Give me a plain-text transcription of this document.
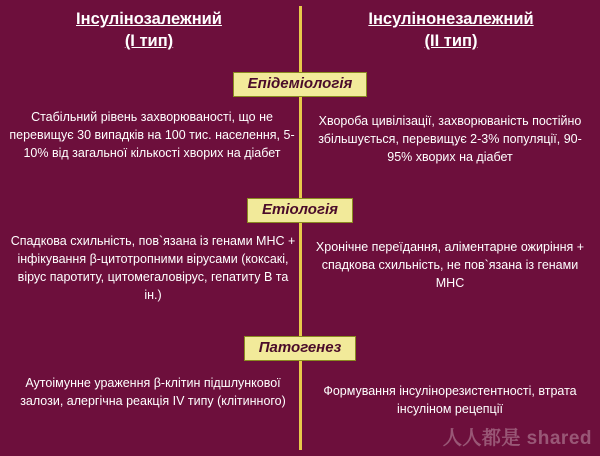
Інсулінозалежний
(I тип)
Інсулінонезалежний
(II тип)
Епідеміологія
Стабільний рівень захворюваності, що не перевищує 30 випадків на 100 тис. населення, 5-10% від загальної кількості хворих на діабет
Хвороба цивілізації, захворюваність постійно збільшується, перевищує 2-3% популяції, 90-95% хворих на діабет
Етіологія
Спадкова схильність, пов`язана із генами МНС + інфікування β-цитотропними вірусами (коксакі, вірус паротиту, цитомегаловірус, гепатиту В та ін.)
Хронічне переїдання, аліментарне ожиріння + спадкова схильність, не пов`язана із генами МНС
Патогенез
Аутоімунне ураження β-клітин підшлункової залози, алергічна реакція IV типу (клітинного)
Формування інсулінорезистентності, втрата інсуліном рецепції
人人都是 shared
